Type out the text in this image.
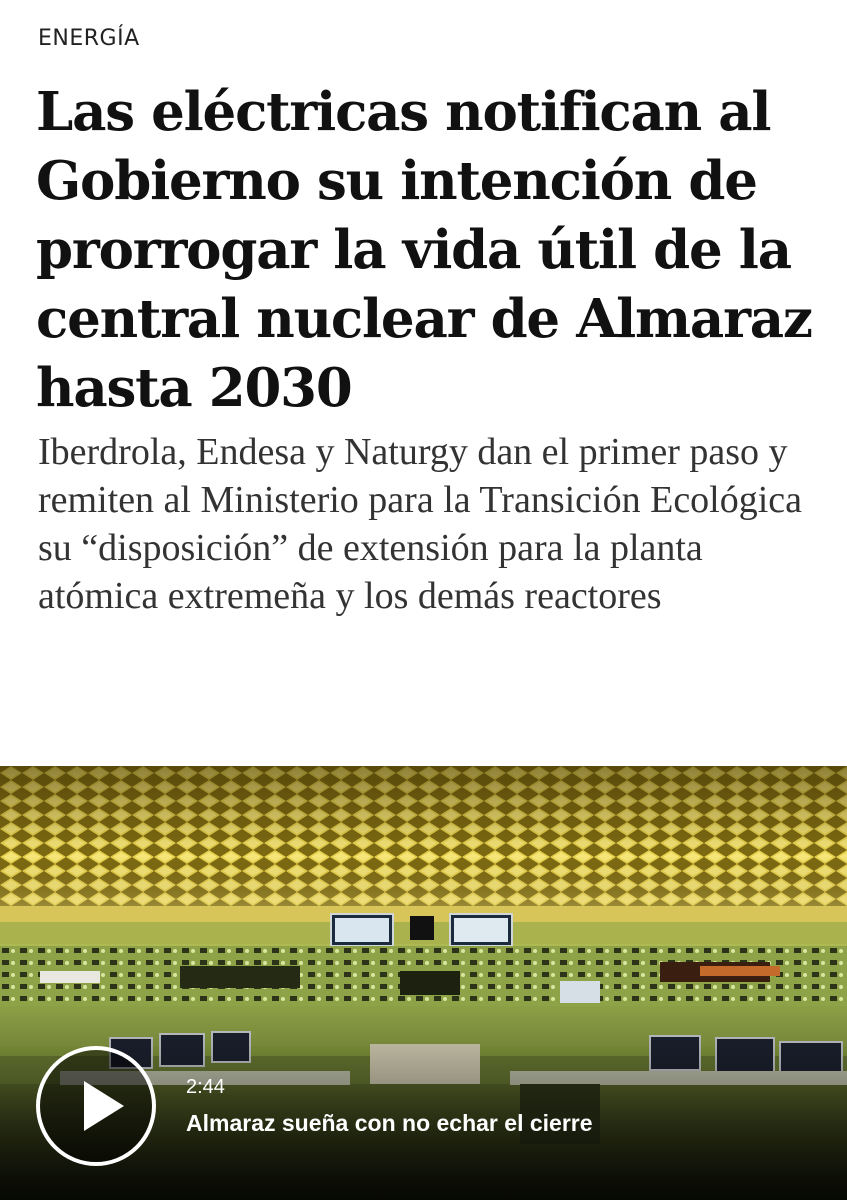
ENERGÍA
Las eléctricas notifican al Gobierno su intención de prorrogar la vida útil de la central nuclear de Almaraz hasta 2030

Iberdrola, Endesa y Naturgy dan el primer paso y remiten al Ministerio para la Transición Ecológica su “disposición” de extensión para la planta atómica extremeña y los demás reactores

2:44
Almaraz sueña con no echar el cierre
